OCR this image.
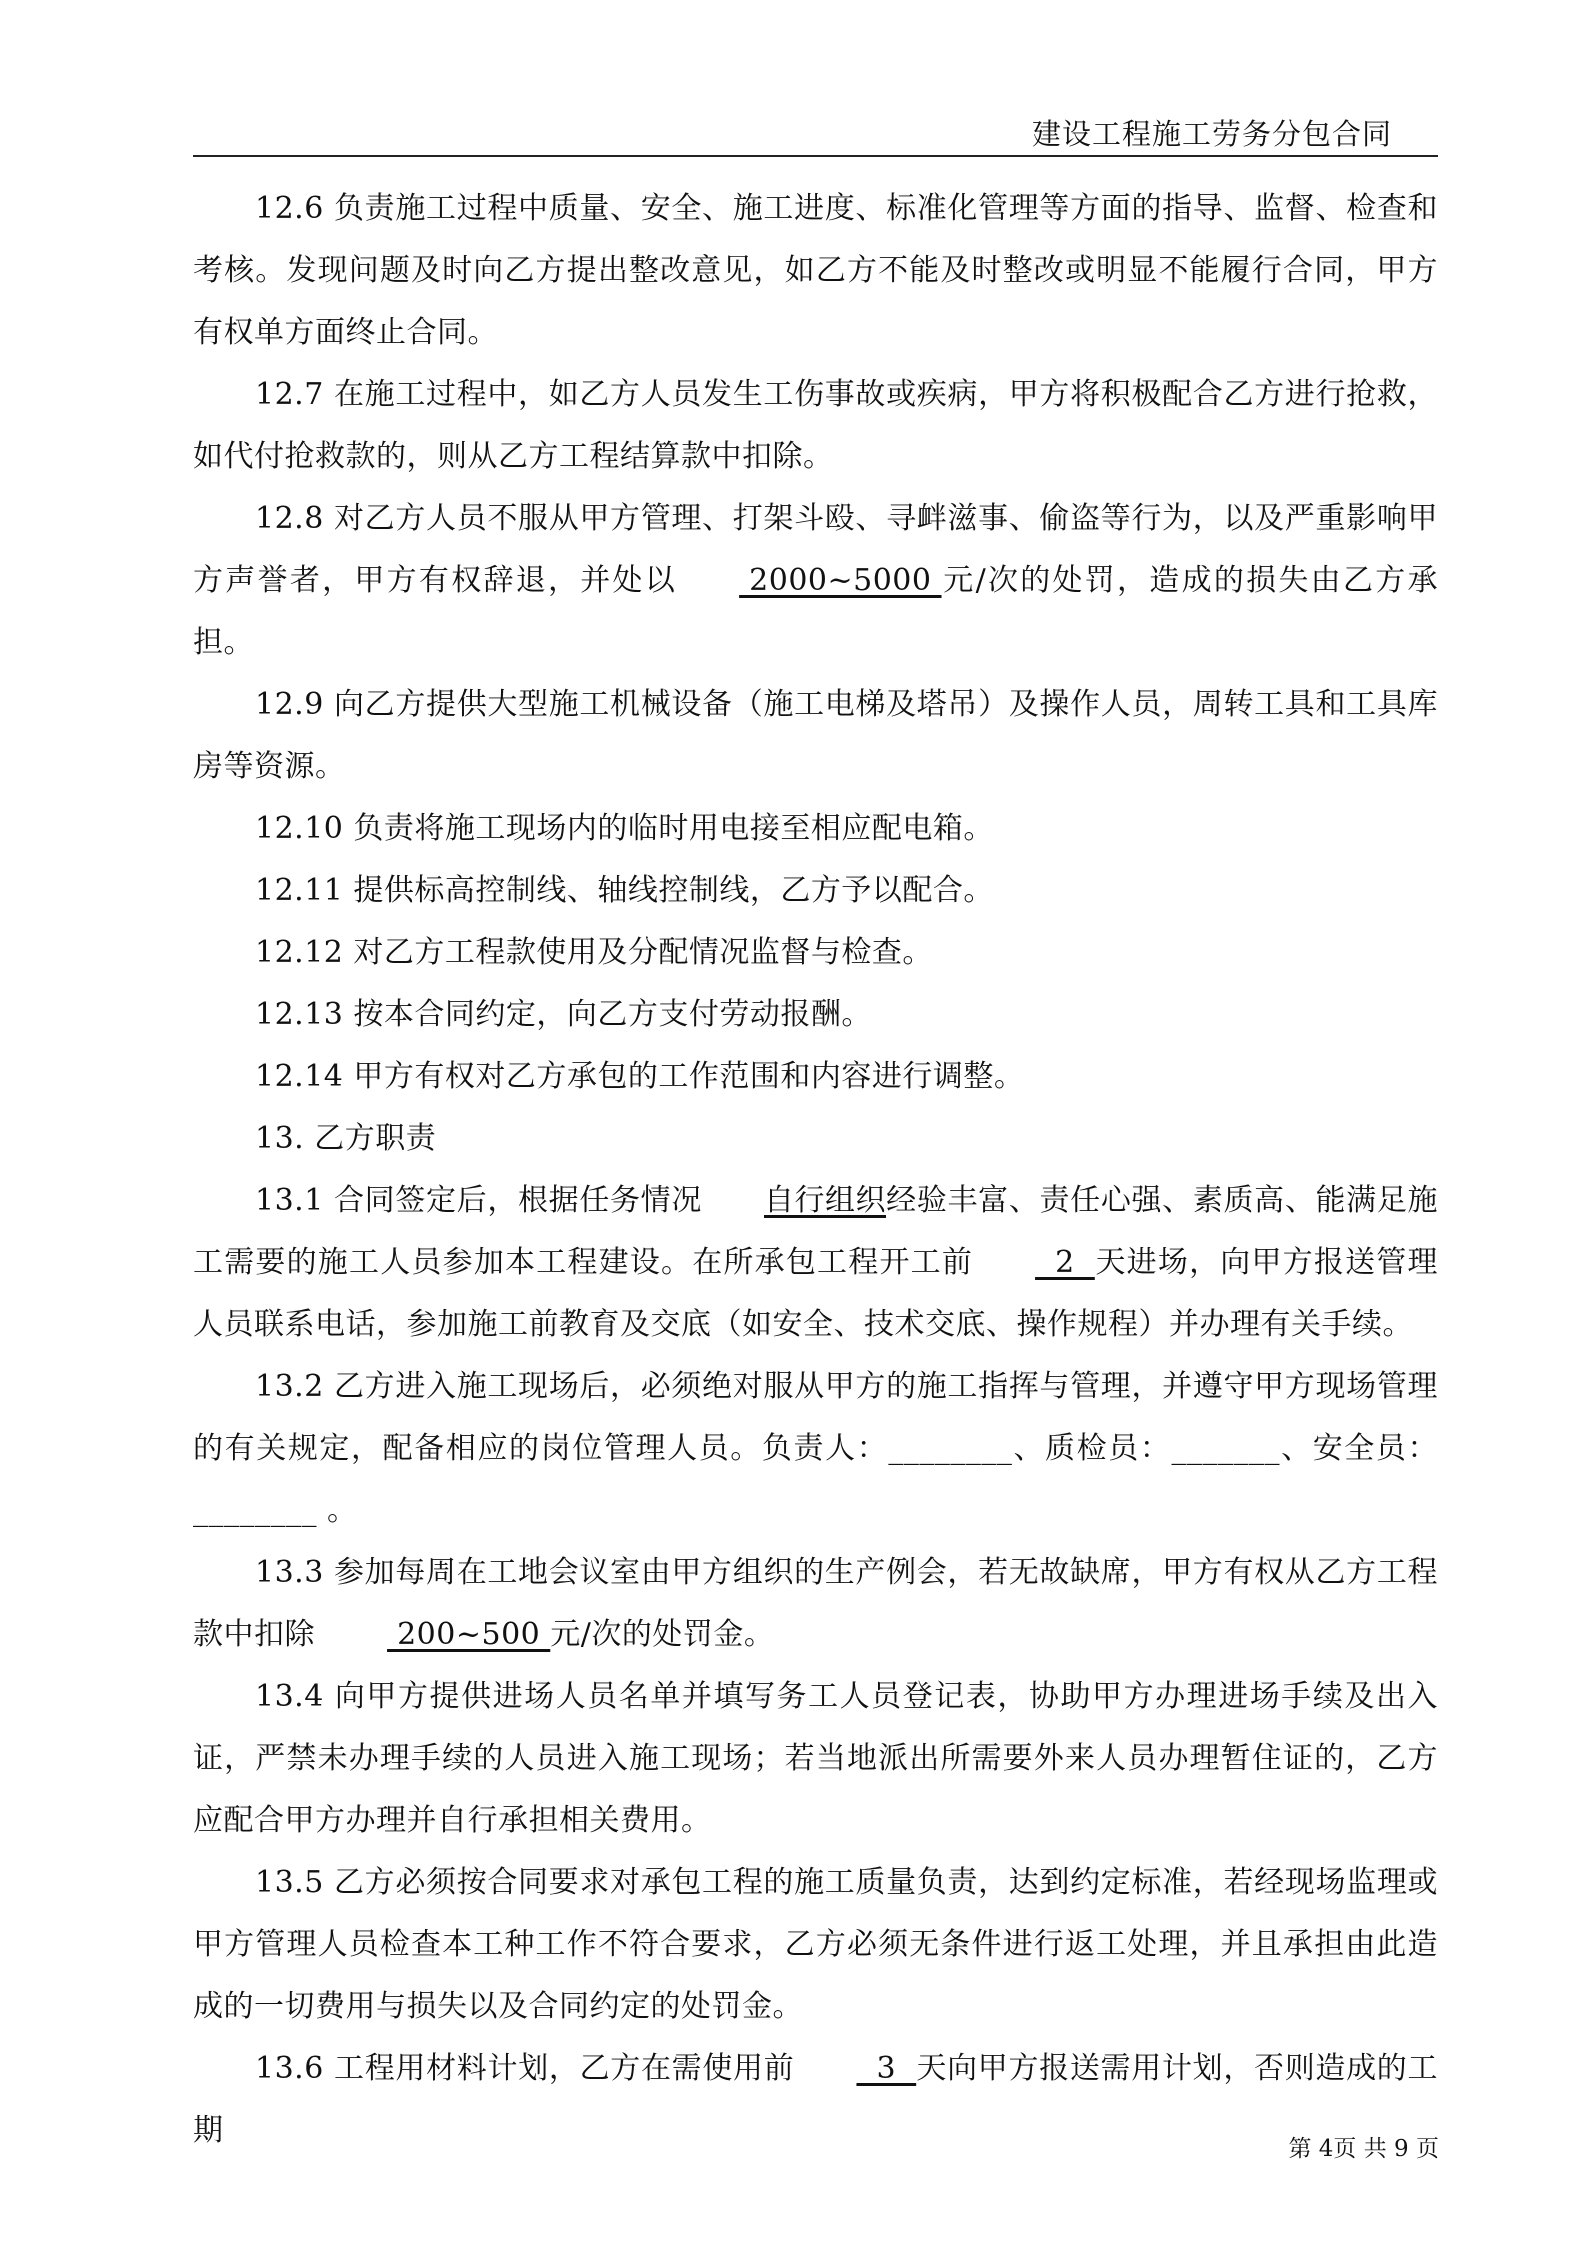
建设工程施工劳务分包合同

12.6 负责施工过程中质量、安全、施工进度、标准化管理等方面的指导、监督、检查和考核。发现问题及时向乙方提出整改意见，如乙方不能及时整改或明显不能履行合同，甲方有权单方面终止合同。

12.7 在施工过程中，如乙方人员发生工伤事故或疾病，甲方将积极配合乙方进行抢救，如代付抢救款的，则从乙方工程结算款中扣除。

12.8 对乙方人员不服从甲方管理、打架斗殴、寻衅滋事、偷盗等行为，以及严重影响甲方声誉者，甲方有权辞退，并处以 2000~5000 元/次的处罚，造成的损失由乙方承担。

12.9 向乙方提供大型施工机械设备（施工电梯及塔吊）及操作人员，周转工具和工具库房等资源。

12.10 负责将施工现场内的临时用电接至相应配电箱。

12.11 提供标高控制线、轴线控制线，乙方予以配合。

12.12 对乙方工程款使用及分配情况监督与检查。

12.13 按本合同约定，向乙方支付劳动报酬。

12.14 甲方有权对乙方承包的工作范围和内容进行调整。

13. 乙方职责

13.1 合同签定后，根据任务情况 自行组织经验丰富、责任心强、素质高、能满足施工需要的施工人员参加本工程建设。在所承包工程开工前  2  天进场，向甲方报送管理人员联系电话，参加施工前教育及交底（如安全、技术交底、操作规程）并办理有关手续。

13.2 乙方进入施工现场后，必须绝对服从甲方的施工指挥与管理，并遵守甲方现场管理的有关规定，配备相应的岗位管理人员。负责人：________、质检员：_______、安全员：________ 。

13.3 参加每周在工地会议室由甲方组织的生产例会，若无故缺席，甲方有权从乙方工程款中扣除  200~500 元/次的处罚金。

13.4 向甲方提供进场人员名单并填写务工人员登记表，协助甲方办理进场手续及出入证，严禁未办理手续的人员进入施工现场；若当地派出所需要外来人员办理暂住证的，乙方应配合甲方办理并自行承担相关费用。

13.5 乙方必须按合同要求对承包工程的施工质量负责，达到约定标准，若经现场监理或甲方管理人员检查本工种工作不符合要求，乙方必须无条件进行返工处理，并且承担由此造成的一切费用与损失以及合同约定的处罚金。

13.6 工程用材料计划，乙方在需使用前  3  天向甲方报送需用计划，否则造成的工期

第 4页 共 9 页
